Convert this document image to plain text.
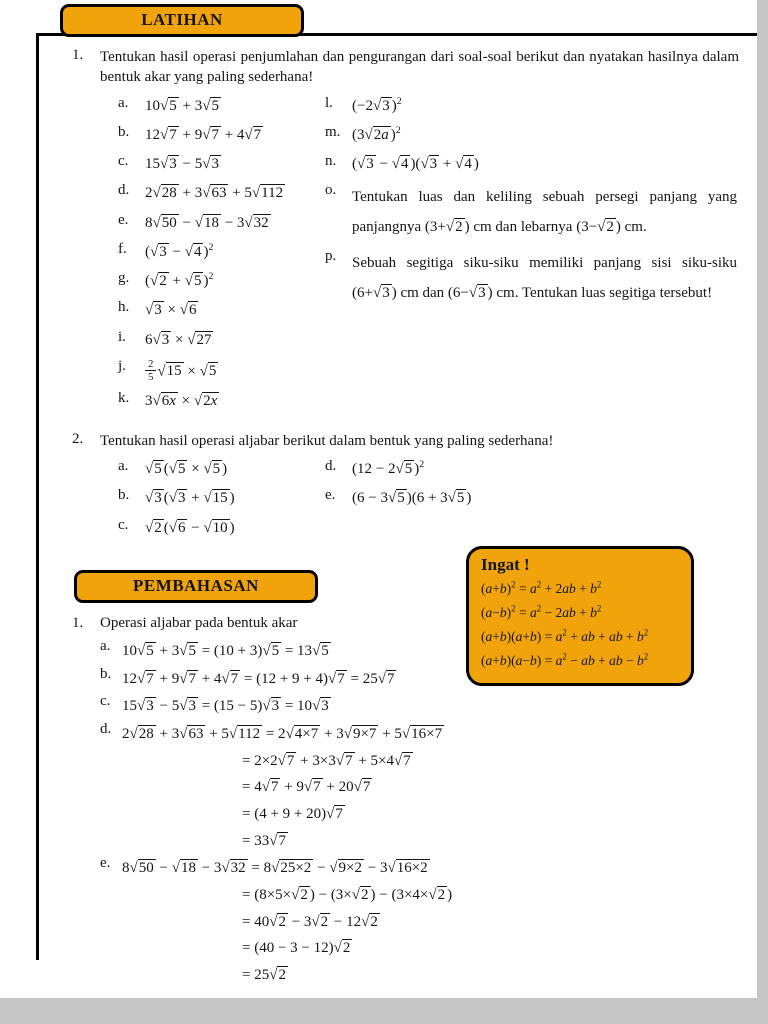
LATIHAN
1.	Tentukan hasil operasi penjumlahan dan pengurangan dari soal-soal berikut dan nyatakan hasilnya dalam bentuk akar yang paling sederhana!
a.	10√5 + 3√5
b.	12√7 + 9√7 + 4√7
c.	15√3 − 5√3
d.	2√28 + 3√63 + 5√112
e.	8√50 − √18 − 3√32
f.	(√3 − √4 )$^2$
g.	(√2 + √5 )$^2$
h.	√3 × √6
i.	6√3 × √27
j.	$\frac{2}{5} √15 \times √5$
k.	3√6x × √2x
l.	(−2√3 )$^2$
m. (3√2a )$^2$
n.	(√3 − √4 )(√3 + √4 )
o.	Tentukan luas dan keliling sebuah persegi panjang yang panjangnya (3+√2 ) cm dan lebarnya (3−√2 ) cm.
p.	Sebuah segitiga siku-siku memiliki panjang sisi siku-siku (6+√3 ) cm dan (6−√3 ) cm. Tentukan luas segitiga tersebut!
2.	Tentukan hasil operasi aljabar berikut dalam bentuk yang paling sederhana!
a.	√5 (√5 × √5 )
b.	√3 (√3 + √15 )
c.	√2 (√6 − √10 )
d.	(12 − 2√5 )$^2$
e.	(6 − 3√5 )(6 + 3√5 )
PEMBAHASAN
1.	Operasi aljabar pada bentuk akar
a. 10√5 + 3√5 = (10 + 3)√5 = 13√5
b. 12√7 + 9√7 + 4√7 = (12 + 9 + 4)√7 = 25√7
c. 15√3 − 5√3 = (15 − 5)√3 = 10√3
d. 2√28 + 3√63 + 5√112 = 2√4×7 + 3√9×7 + 5√16×7
= 2×2√7 + 3×3√7 + 5×4√7
= 4√7 + 9√7 + 20√7
= (4 + 9 + 20)√7
= 33√7
e. 8√50 − √18 − 3√32 = 8√25×2 − √9×2 − 3√16×2
= (8×5×√2 ) − (3×√2 ) − (3×4×√2 )
= 40√2 − 3√2 − 12√2
= (40 − 3 − 12)√2
= 25√2
Ingat !
$(a+b)^2 = a^2 + 2ab + b^2$
$(a-b)^2 = a^2 - 2ab + b^2$
$(a+b)(a+b) = a^2$ + ab + ab + $b^2$
$(a+b)(a-b) = a^2$ − ab + ab − $b^2$
